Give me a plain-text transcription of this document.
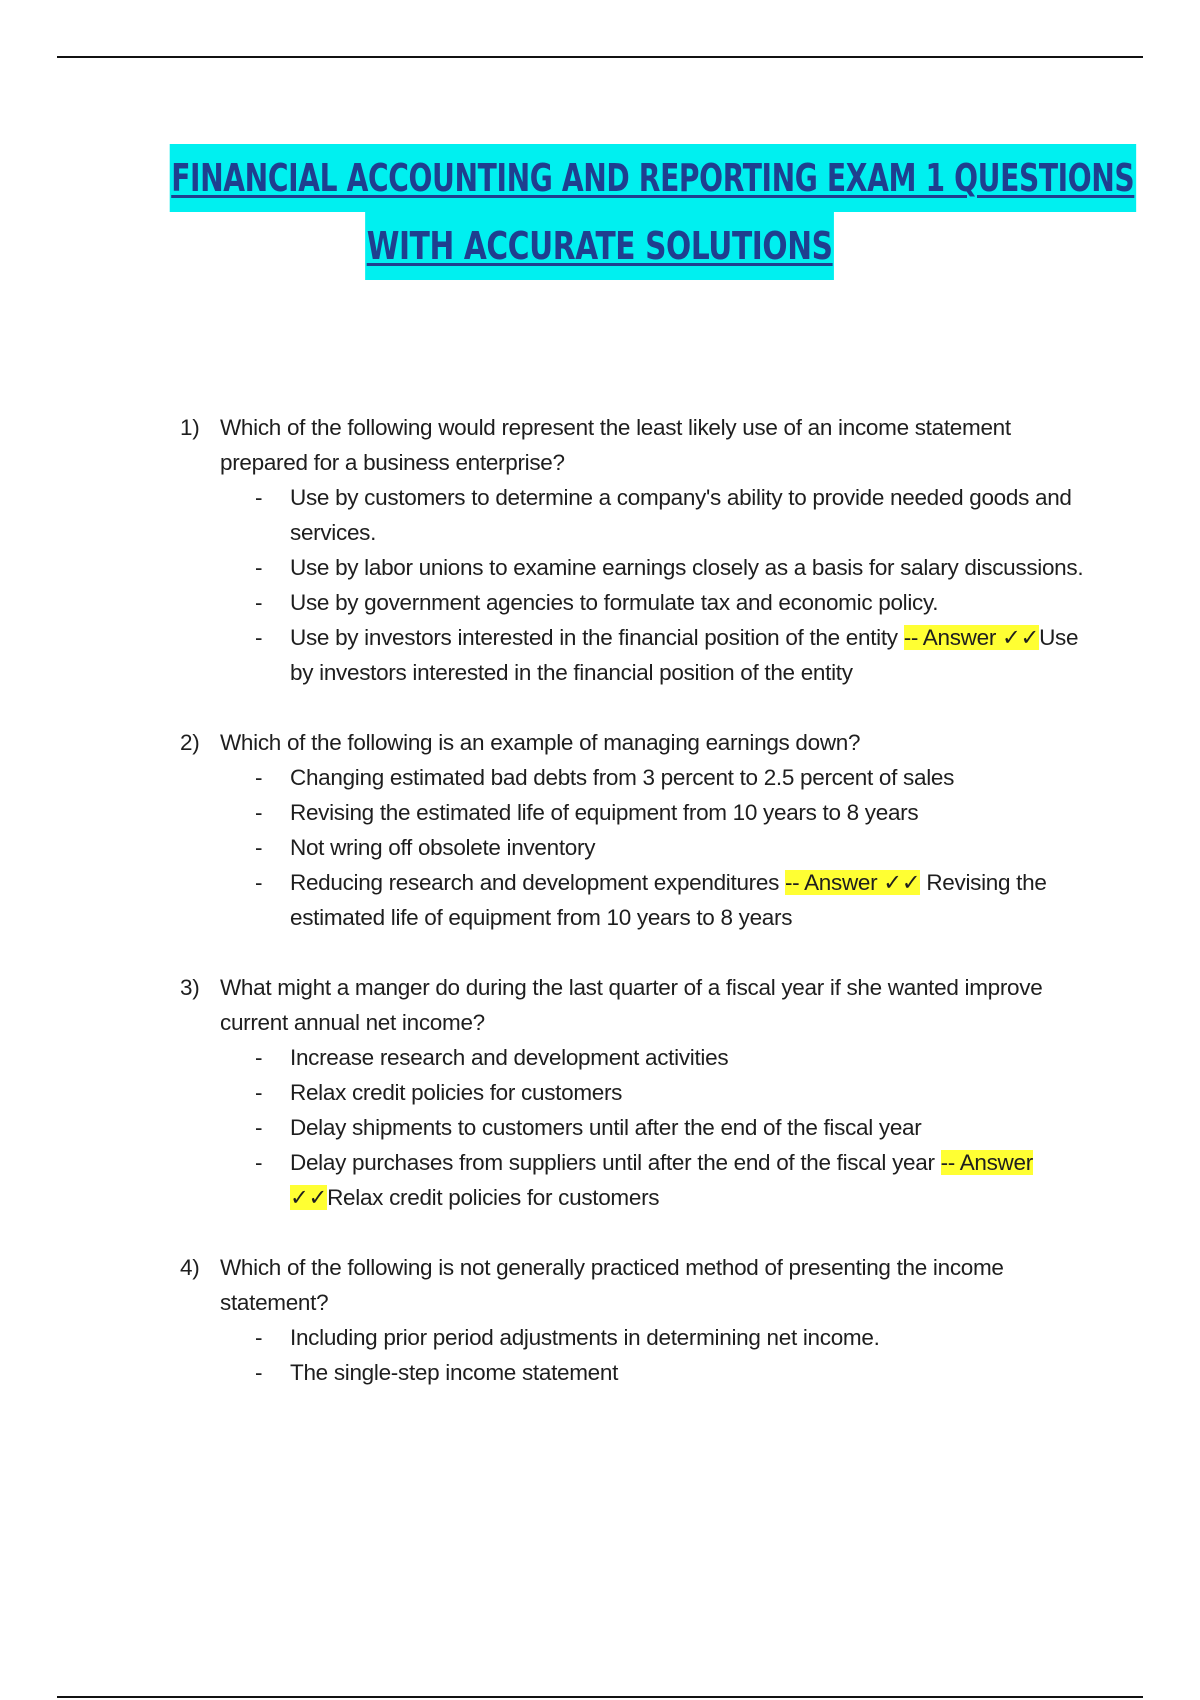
FINANCIAL ACCOUNTING AND REPORTING EXAM 1 QUESTIONS
WITH ACCURATE SOLUTIONS
1) Which of the following would represent the least likely use of an income statement prepared for a business enterprise?
- Use by customers to determine a company's ability to provide needed goods and services.
- Use by labor unions to examine earnings closely as a basis for salary discussions.
- Use by government agencies to formulate tax and economic policy.
- Use by investors interested in the financial position of the entity -- Answer ✓✓Use by investors interested in the financial position of the entity
2) Which of the following is an example of managing earnings down?
- Changing estimated bad debts from 3 percent to 2.5 percent of sales
- Revising the estimated life of equipment from 10 years to 8 years
- Not wring off obsolete inventory
- Reducing research and development expenditures -- Answer ✓✓ Revising the estimated life of equipment from 10 years to 8 years
3) What might a manger do during the last quarter of a fiscal year if she wanted improve current annual net income?
- Increase research and development activities
- Relax credit policies for customers
- Delay shipments to customers until after the end of the fiscal year
- Delay purchases from suppliers until after the end of the fiscal year -- Answer ✓✓Relax credit policies for customers
4) Which of the following is not generally practiced method of presenting the income statement?
- Including prior period adjustments in determining net income.
- The single-step income statement
